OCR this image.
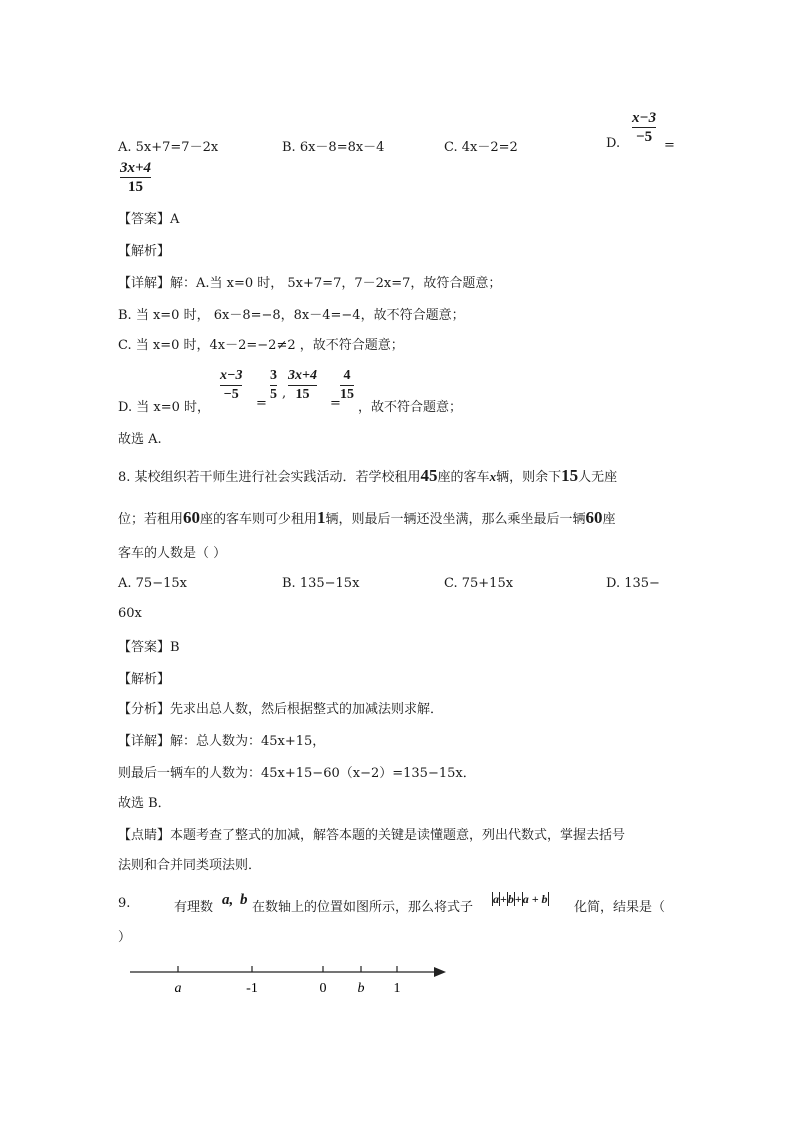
A. 5x+7=7－2x	B. 6x－8=8x－4	C. 4x－2=2	D.
x−3
−5
=
3x+4
15
【答案】A
【解析】
【详解】解：A.当 x=0 时， 5x+7=7，7－2x=7，故符合题意；
B. 当 x=0 时， 6x－8=−8，8x－4=−4，故不符合题意；
C. 当 x=0 时，4x－2=−2≠2 ，故不符合题意；
D. 当 x=0 时，
x−3
−5
=
3
5 ,
3x+4
15
=
4
15
，故不符合题意；
故选 A.
8. 某校组织若干师生进行社会实践活动．若学校租用45座的客车x辆，则余下15人无座
位；若租用60座的客车则可少租用1辆，则最后一辆还没坐满，那么乘坐最后一辆60座
客车的人数是（ ）
A. 75−15x	B. 135−15x	C. 75+15x	D. 135−
60x
【答案】B
【解析】
【分析】先求出总人数，然后根据整式的加减法则求解．
【详解】解：总人数为：45x+15，
则最后一辆车的人数为：45x+15−60（x−2）=135−15x．
故选 B．
【点睛】本题考查了整式的加减，解答本题的关键是读懂题意，列出代数式，掌握去括号
法则和合并同类项法则．
9.	有理数 a, b 在数轴上的位置如图所示，那么将式子
a+b+a + b
化简，结果是（
）
a	-1	0 b 1
